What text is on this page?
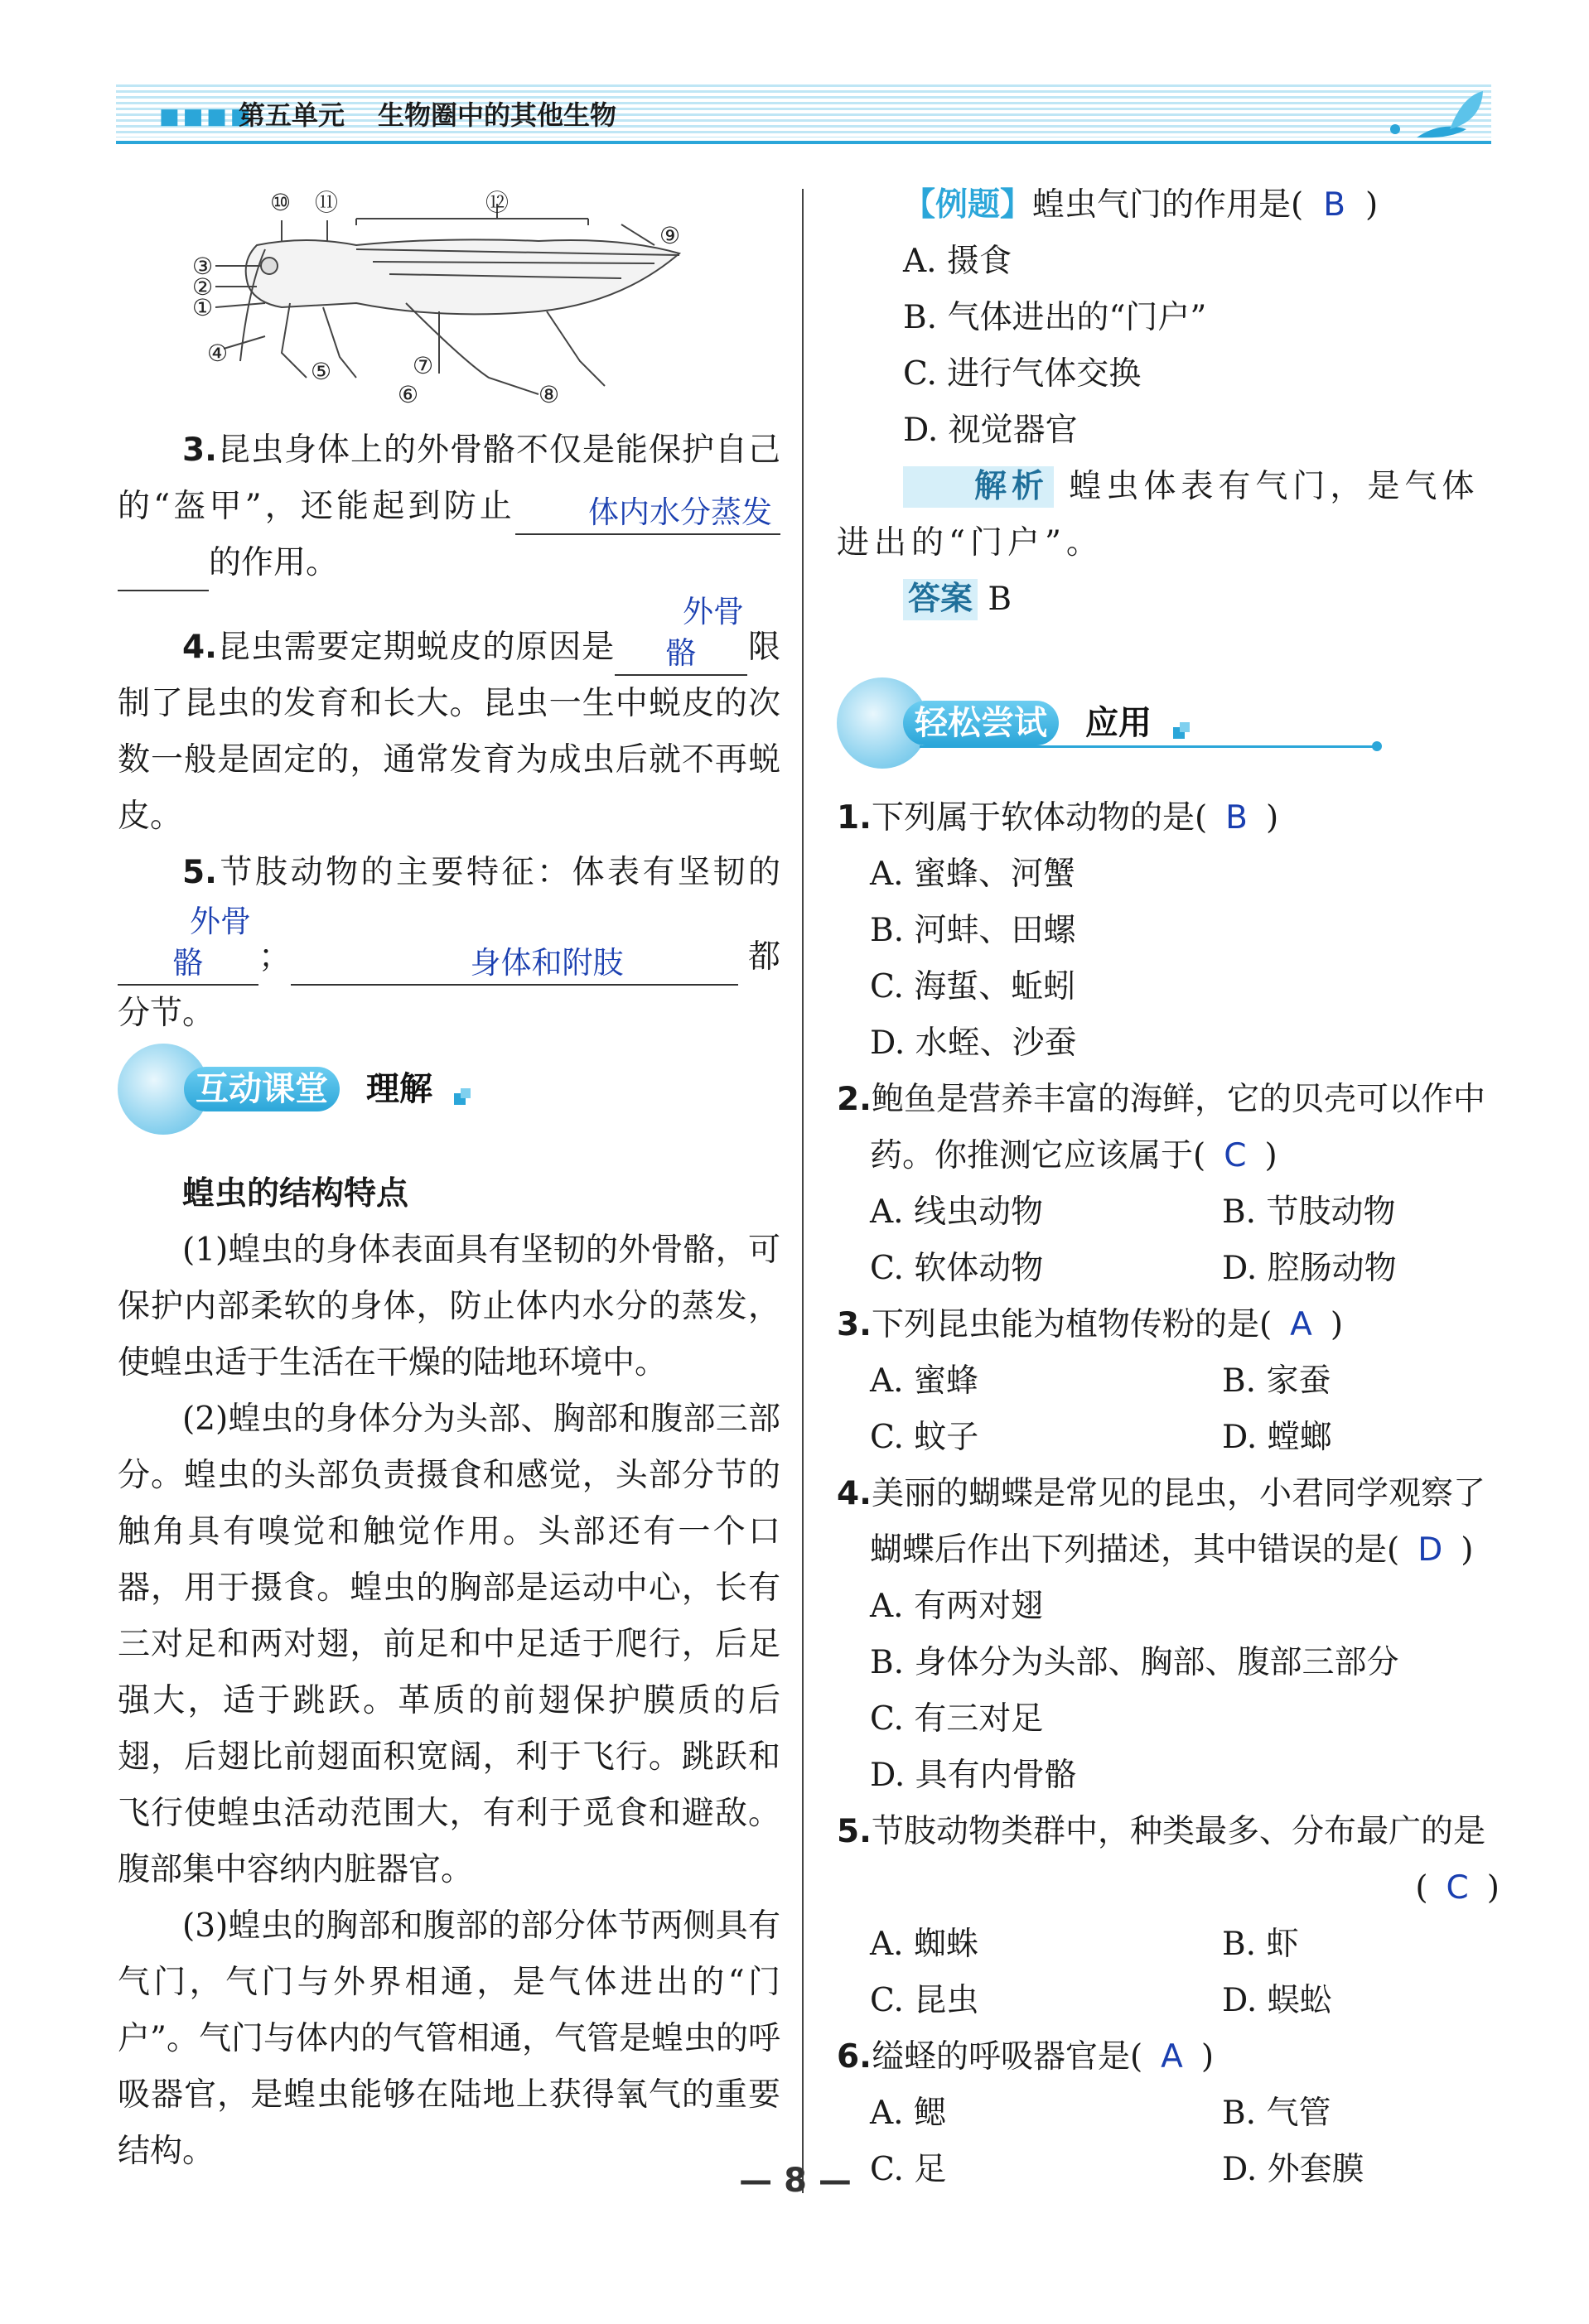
■■■■
第五单元 生物圈中的其他生物
⑩ ⑪	⑫
③
②
①
④
⑤
⑥
⑦
⑧
⑨

3.昆虫身体上的外骨骼不仅是能保护自己的“盔甲”，还能起到防止 体内水分蒸发的作用。

4.昆虫需要定期蜕皮的原因是外骨骼 限制了昆虫的发育和长大。昆虫一生中蜕皮的次数一般是固定的，通常发育为成虫后就不再蜕皮。

5.节肢动物的主要特征：体表有坚韧的外骨骼 ；	身体和附肢	都分节。

互动课堂	理解

蝗虫的结构特点

(1)蝗虫的身体表面具有坚韧的外骨骼，可保护内部柔软的身体，防止体内水分的蒸发，使蝗虫适于生活在干燥的陆地环境中。

(2)蝗虫的身体分为头部、胸部和腹部三部分。蝗虫的头部负责摄食和感觉，头部分节的触角具有嗅觉和触觉作用。头部还有一个口器，用于摄食。蝗虫的胸部是运动中心，长有三对足和两对翅，前足和中足适于爬行，后足强大，适于跳跃。革质的前翅保护膜质的后翅，后翅比前翅面积宽阔，利于飞行。跳跃和飞行使蝗虫活动范围大，有利于觅食和避敌。腹部集中容纳内脏器官。

(3)蝗虫的胸部和腹部的部分体节两侧具有气门，气门与外界相通，是气体进出的“门户”。气门与体内的气管相通，气管是蝗虫的呼吸器官，是蝗虫能够在陆地上获得氧气的重要结构。

【例题】蝗虫气门的作用是( B )

A. 摄食

B. 气体进出的“门户”

C. 进行气体交换

D. 视觉器官

解析 蝗虫体表有气门，是气体进出的“门户”。

答案 B

轻松尝试	应用

1.下列属于软体动物的是( B )

A. 蜜蜂、河蟹

B. 河蚌、田螺

C. 海蜇、蚯蚓

D. 水蛭、沙蚕

2.鲍鱼是营养丰富的海鲜，它的贝壳可以作中

药。你推测它应该属于( C )

A. 线虫动物	B. 节肢动物

C. 软体动物	D. 腔肠动物

3.下列昆虫能为植物传粉的是( A )

A. 蜜蜂	B. 家蚕

C. 蚊子	D. 螳螂

4.美丽的蝴蝶是常见的昆虫，小君同学观察了

蝴蝶后作出下列描述，其中错误的是( D )

A. 有两对翅

B. 身体分为头部、胸部、腹部三部分

C. 有三对足

D. 具有内骨骼

5.节肢动物类群中，种类最多、分布最广的是

( C )

A. 蜘蛛	B. 虾

C. 昆虫	D. 蜈蚣

6.缢蛏的呼吸器官是( A )

A. 鳃	B. 气管

C. 足	D. 外套膜

— 8 —
